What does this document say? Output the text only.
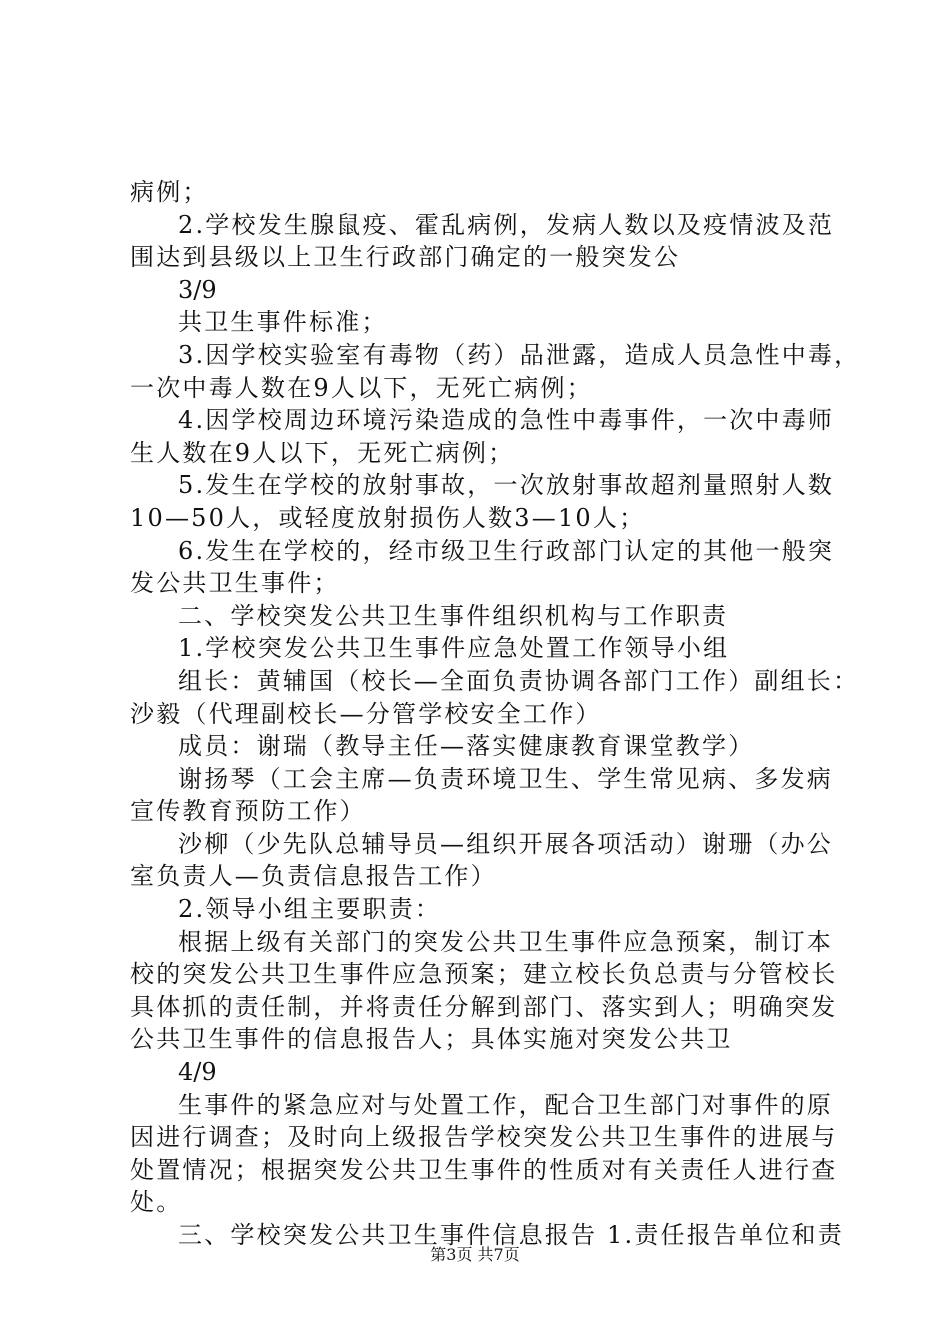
病例；
2.学校发生腺鼠疫、霍乱病例，发病人数以及疫情波及范
围达到县级以上卫生行政部门确定的一般突发公
3/9
共卫生事件标准；
3.因学校实验室有毒物（药）品泄露，造成人员急性中毒，
一次中毒人数在9人以下，无死亡病例；
4.因学校周边环境污染造成的急性中毒事件，一次中毒师
生人数在9人以下，无死亡病例；
5.发生在学校的放射事故，一次放射事故超剂量照射人数
10—50人，或轻度放射损伤人数3—10人；
6.发生在学校的，经市级卫生行政部门认定的其他一般突
发公共卫生事件；
二、学校突发公共卫生事件组织机构与工作职责
1.学校突发公共卫生事件应急处置工作领导小组
组长：黄辅国（校长—全面负责协调各部门工作）副组长：
沙毅（代理副校长—分管学校安全工作）
成员：谢瑞（教导主任—落实健康教育课堂教学）
谢扬琴（工会主席—负责环境卫生、学生常见病、多发病
宣传教育预防工作）
沙柳（少先队总辅导员—组织开展各项活动）谢珊（办公
室负责人—负责信息报告工作）
2.领导小组主要职责：
根据上级有关部门的突发公共卫生事件应急预案，制订本
校的突发公共卫生事件应急预案；建立校长负总责与分管校长
具体抓的责任制，并将责任分解到部门、落实到人；明确突发
公共卫生事件的信息报告人；具体实施对突发公共卫
4/9
生事件的紧急应对与处置工作，配合卫生部门对事件的原
因进行调查；及时向上级报告学校突发公共卫生事件的进展与
处置情况；根据突发公共卫生事件的性质对有关责任人进行查
处。
三、学校突发公共卫生事件信息报告 1.责任报告单位和责
第3页 共7页
